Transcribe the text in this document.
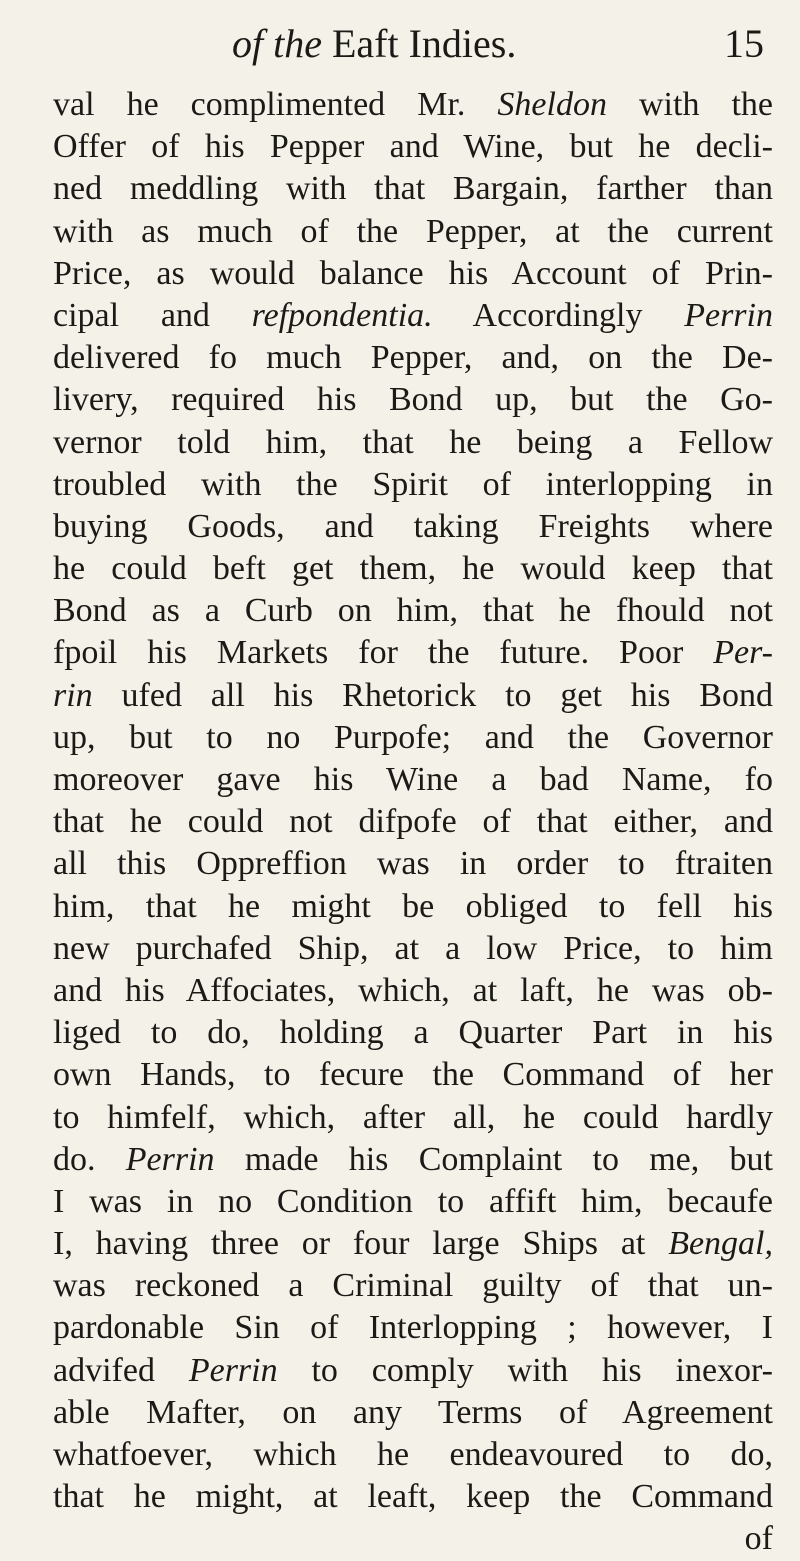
of the Eaft Indies.	15
val he complimented Mr. Sheldon with the
Offer of his Pepper and Wine, but he decli-
ned meddling with that Bargain, farther than
with as much of the Pepper, at the current
Price, as would balance his Account of Prin-
cipal and refpondentia. Accordingly Perrin
delivered fo much Pepper, and, on the De-
livery, required his Bond up, but the Go-
vernor told him, that he being a Fellow
troubled with the Spirit of interlopping in
buying Goods, and taking Freights where
he could beft get them, he would keep that
Bond as a Curb on him, that he fhould not
fpoil his Markets for the future. Poor Per-
rin ufed all his Rhetorick to get his Bond
up, but to no Purpofe; and the Governor
moreover gave his Wine a bad Name, fo
that he could not difpofe of that either, and
all this Oppreffion was in order to ftraiten
him, that he might be obliged to fell his
new purchafed Ship, at a low Price, to him
and his Affociates, which, at laft, he was ob-
liged to do, holding a Quarter Part in his
own Hands, to fecure the Command of her
to himfelf, which, after all, he could hardly
do. Perrin made his Complaint to me, but
I was in no Condition to affift him, becaufe
I, having three or four large Ships at Bengal,
was reckoned a Criminal guilty of that un-
pardonable Sin of Interlopping ; however, I
advifed Perrin to comply with his inexor-
able Mafter, on any Terms of Agreement
whatfoever, which he endeavoured to do,
that he might, at leaft, keep the Command
of
